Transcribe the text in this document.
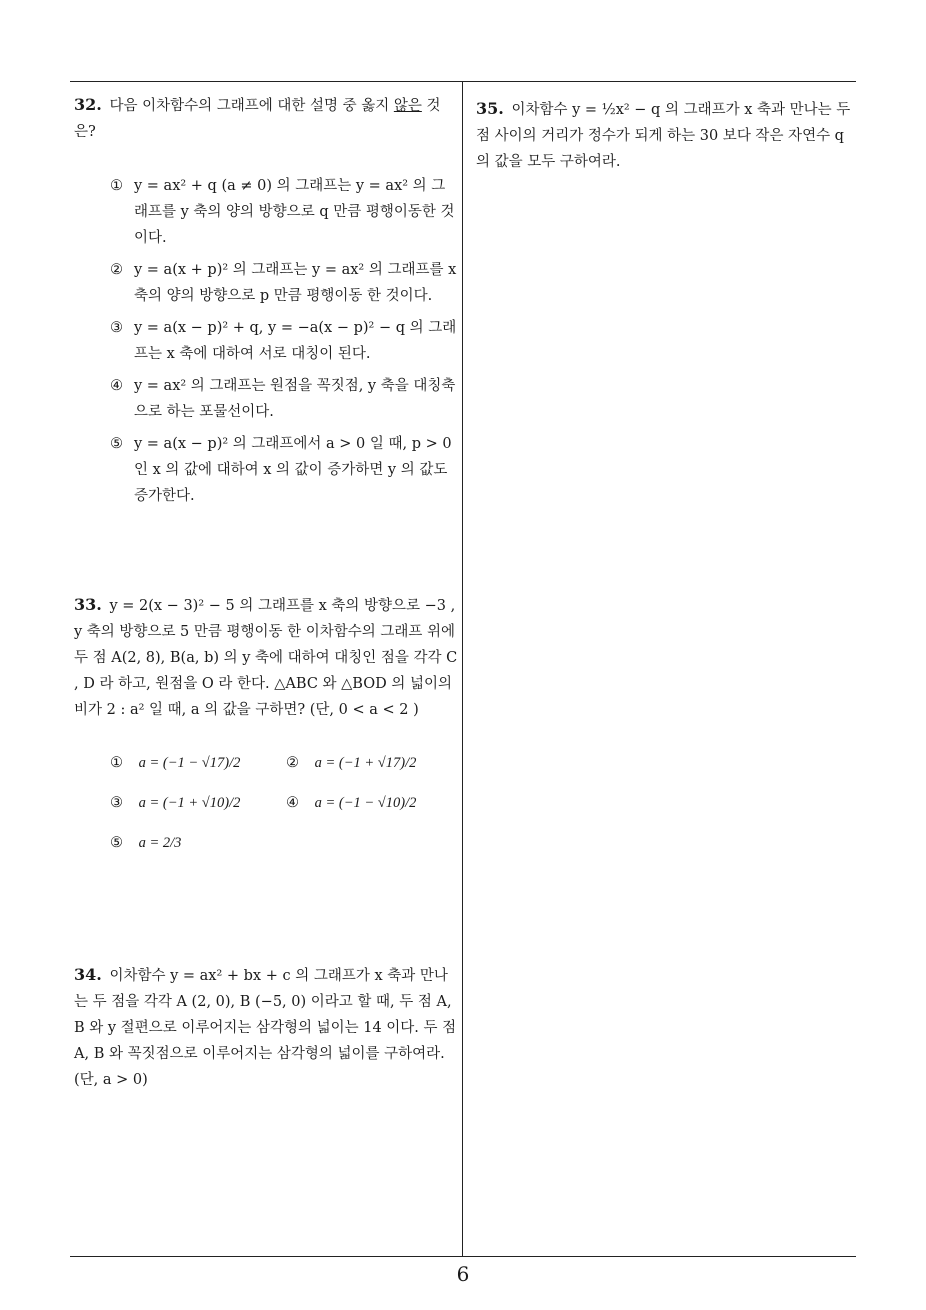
32. 다음 이차함수의 그래프에 대한 설명 중 옳지 않은 것은?
① y = ax² + q (a ≠ 0) 의 그래프는 y = ax² 의 그래프를 y 축의 양의 방향으로 q 만큼 평행이동한 것이다.
② y = a(x + p)² 의 그래프는 y = ax² 의 그래프를 x 축의 양의 방향으로 p 만큼 평행이동 한 것이다.
③ y = a(x − p)² + q, y = −a(x − p)² − q 의 그래프는 x 축에 대하여 서로 대칭이 된다.
④ y = ax² 의 그래프는 원점을 꼭짓점, y 축을 대칭축으로 하는 포물선이다.
⑤ y = a(x − p)² 의 그래프에서 a > 0 일 때, p > 0 인 x 의 값에 대하여 x 의 값이 증가하면 y 의 값도 증가한다.
33. y = 2(x − 3)² − 5 의 그래프를 x 축의 방향으로 −3 , y 축의 방향으로 5 만큼 평행이동 한 이차함수의 그래프 위에 두 점 A(2, 8), B(a, b) 의 y 축에 대하여 대칭인 점을 각각 C , D 라 하고, 원점을 O 라 한다. △ABC 와 △BOD 의 넓이의 비가 2 : a² 일 때, a 의 값을 구하면? (단, 0 < a < 2 )
① a = (−1 − √17)/2	② a = (−1 + √17)/2
③ a = (−1 + √10)/2	④ a = (−1 − √10)/2
⑤ a = 2/3
34. 이차함수 y = ax² + bx + c 의 그래프가 x 축과 만나는 두 점을 각각 A (2, 0), B (−5, 0) 이라고 할 때, 두 점 A, B 와 y 절편으로 이루어지는 삼각형의 넓이는 14 이다. 두 점 A, B 와 꼭짓점으로 이루어지는 삼각형의 넓이를 구하여라. (단, a > 0)
35. 이차함수 y = ½x² − q 의 그래프가 x 축과 만나는 두 점 사이의 거리가 정수가 되게 하는 30 보다 작은 자연수 q 의 값을 모두 구하여라.
6
